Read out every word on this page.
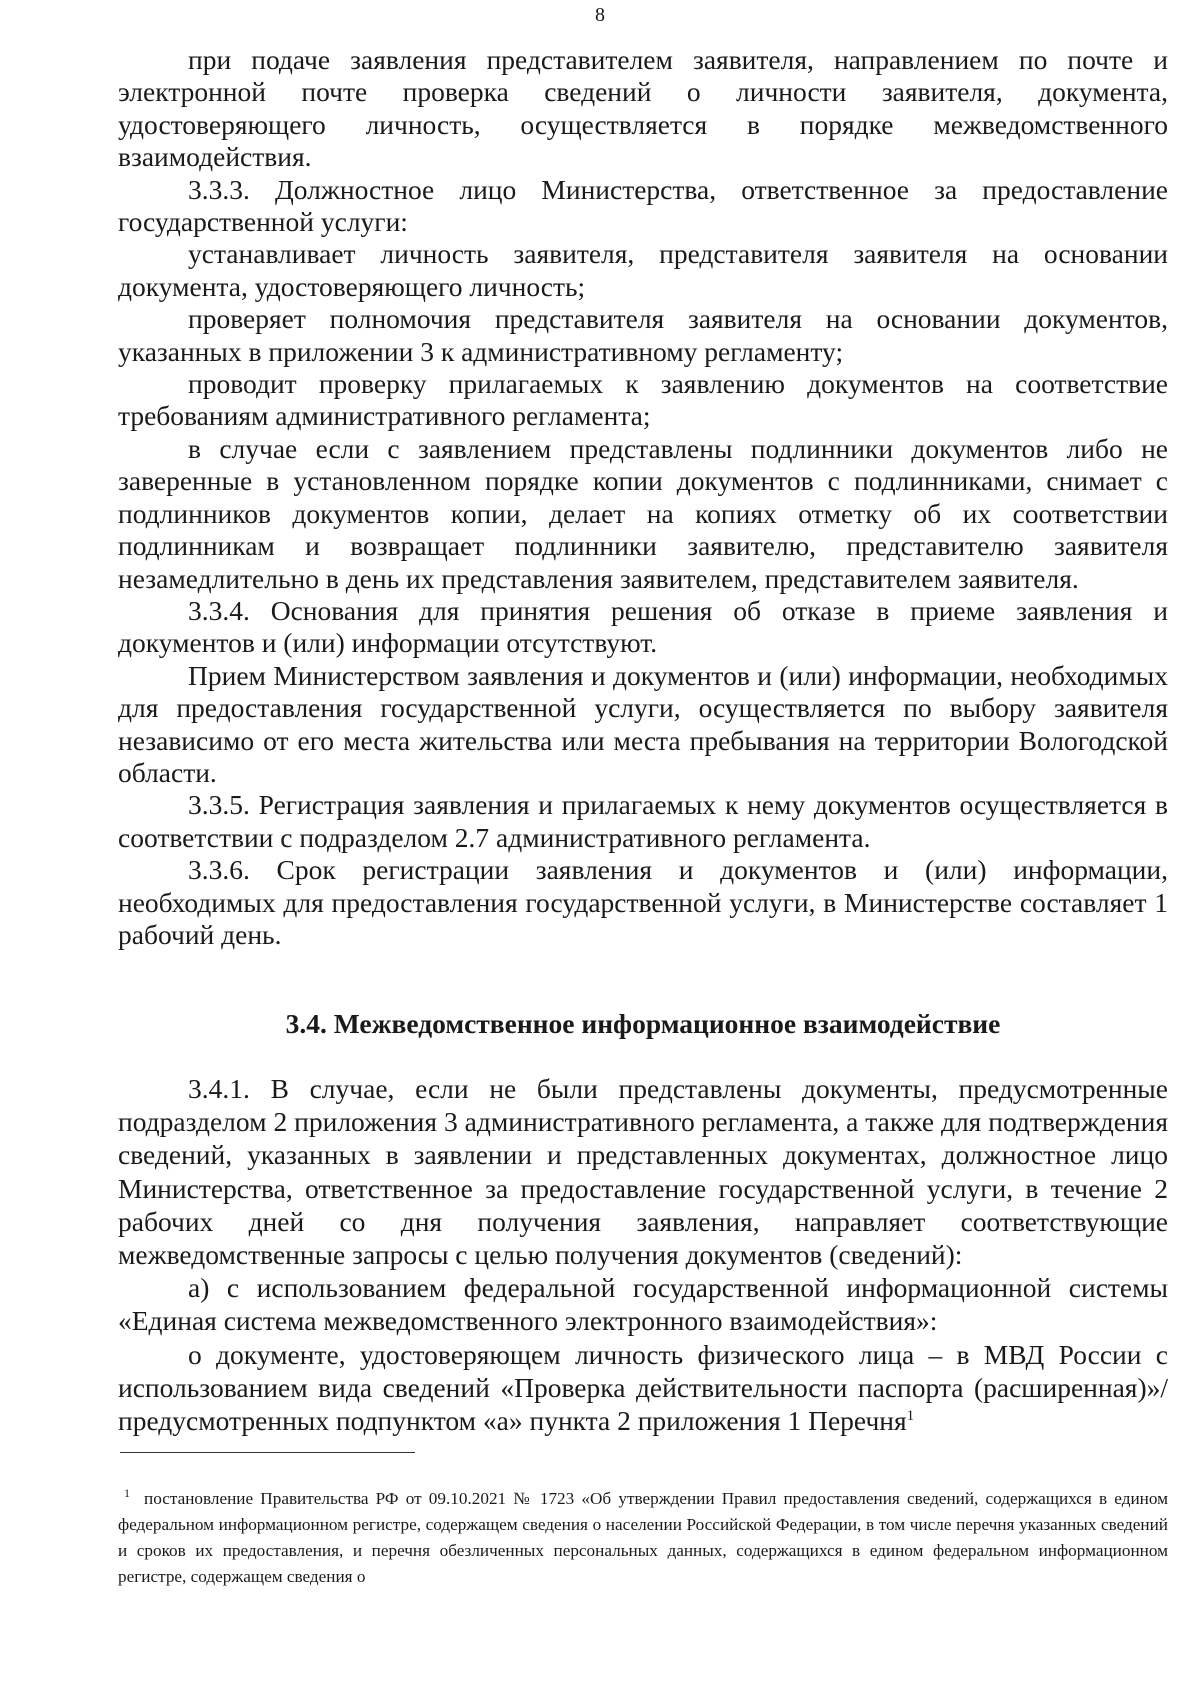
8

при подаче заявления представителем заявителя, направлением по почте и электронной почте проверка сведений о личности заявителя, документа, удостоверяющего личность, осуществляется в порядке межведомственного взаимодействия.

3.3.3. Должностное лицо Министерства, ответственное за предоставление государственной услуги:

устанавливает личность заявителя, представителя заявителя на основании документа, удостоверяющего личность;

проверяет полномочия представителя заявителя на основании документов, указанных в приложении 3 к административному регламенту;

проводит проверку прилагаемых к заявлению документов на соответствие требованиям административного регламента;

в случае если с заявлением представлены подлинники документов либо не заверенные в установленном порядке копии документов с подлинниками, снимает с подлинников документов копии, делает на копиях отметку об их соответствии подлинникам и возвращает подлинники заявителю, представителю заявителя незамедлительно в день их представления заявителем, представителем заявителя.

3.3.4. Основания для принятия решения об отказе в приеме заявления и документов и (или) информации отсутствуют.

Прием Министерством заявления и документов и (или) информации, необходимых для предоставления государственной услуги, осуществляется по выбору заявителя независимо от его места жительства или места пребывания на территории Вологодской области.

3.3.5. Регистрация заявления и прилагаемых к нему документов осуществляется в соответствии с подразделом 2.7 административного регламента.

3.3.6. Срок регистрации заявления и документов и (или) информации, необходимых для предоставления государственной услуги, в Министерстве составляет 1 рабочий день.

3.4. Межведомственное информационное взаимодействие

3.4.1. В случае, если не были представлены документы, предусмотренные подразделом 2 приложения 3 административного регламента, а также для подтверждения сведений, указанных в заявлении и представленных документах, должностное лицо Министерства, ответственное за предоставление государственной услуги, в течение 2 рабочих дней со дня получения заявления, направляет соответствующие межведомственные запросы с целью получения документов (сведений):

а) с использованием федеральной государственной информационной системы «Единая система межведомственного электронного взаимодействия»:

о документе, удостоверяющем личность физического лица – в МВД России с использованием вида сведений «Проверка действительности паспорта (расширенная)»/предусмотренных подпунктом «а» пункта 2 приложения 1 Перечня$^1$

$^1$ постановление Правительства РФ от 09.10.2021 № 1723 «Об утверждении Правил предоставления сведений, содержащихся в едином федеральном информационном регистре, содержащем сведения о населении Российской Федерации, в том числе перечня указанных сведений и сроков их предоставления, и перечня обезличенных персональных данных, содержащихся в едином федеральном информационном регистре, содержащем сведения о
